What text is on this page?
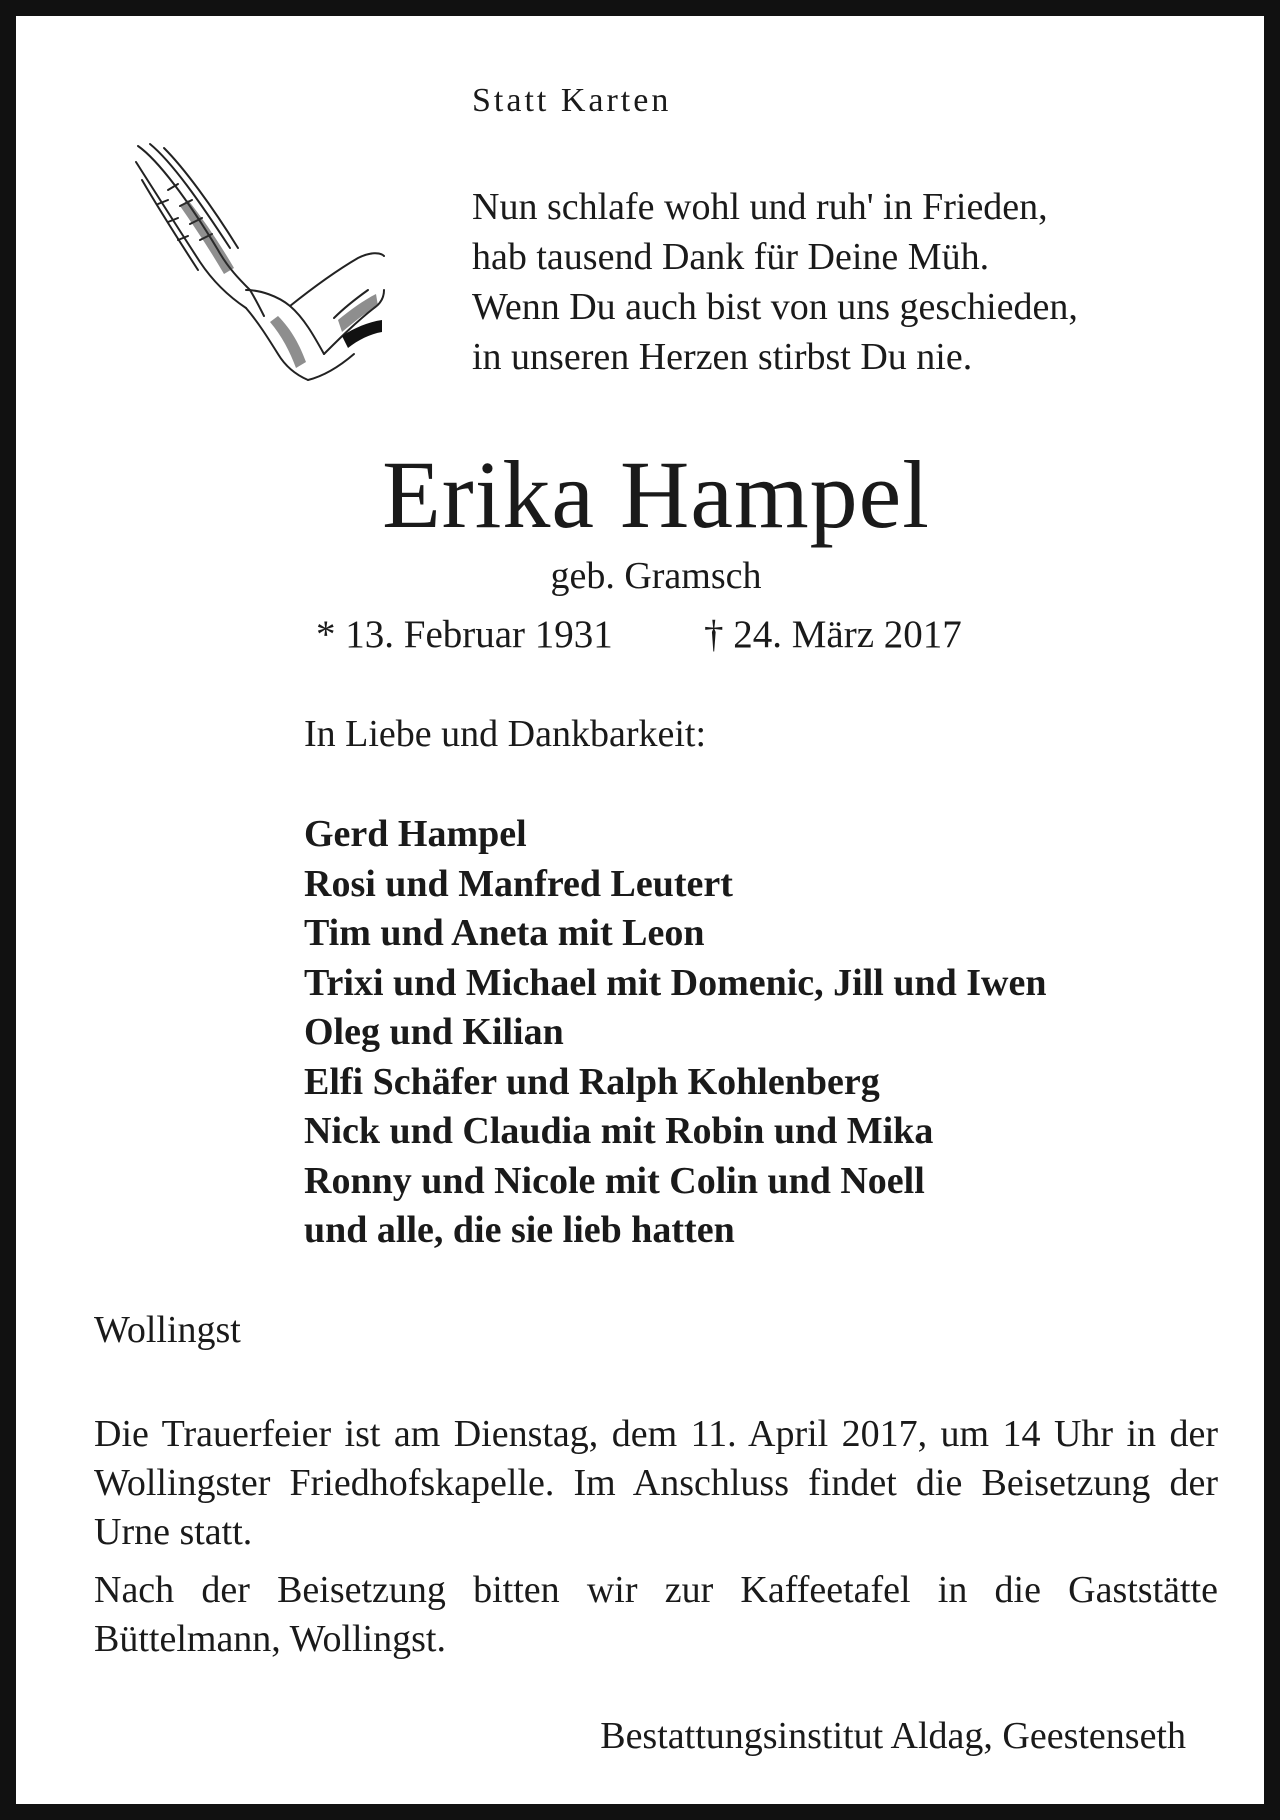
Statt Karten

Nun schlafe wohl und ruh' in Frieden,
hab tausend Dank für Deine Müh.
Wenn Du auch bist von uns geschieden,
in unseren Herzen stirbst Du nie.
Erika Hampel

geb. Gramsch

* 13. Februar 1931 † 24. März 2017

In Liebe und Dankbarkeit:

Gerd Hampel
Rosi und Manfred Leutert
Tim und Aneta mit Leon
Trixi und Michael mit Domenic, Jill und Iwen
Oleg und Kilian
Elfi Schäfer und Ralph Kohlenberg
Nick und Claudia mit Robin und Mika
Ronny und Nicole mit Colin und Noell
und alle, die sie lieb hatten

Wollingst

Die Trauerfeier ist am Dienstag, dem 11. April 2017, um 14 Uhr in der Wollingster Friedhofskapelle. Im Anschluss findet die Beisetzung der Urne statt.

Nach der Beisetzung bitten wir zur Kaffeetafel in die Gaststätte Büttelmann, Wollingst.

Bestattungsinstitut Aldag, Geestenseth
